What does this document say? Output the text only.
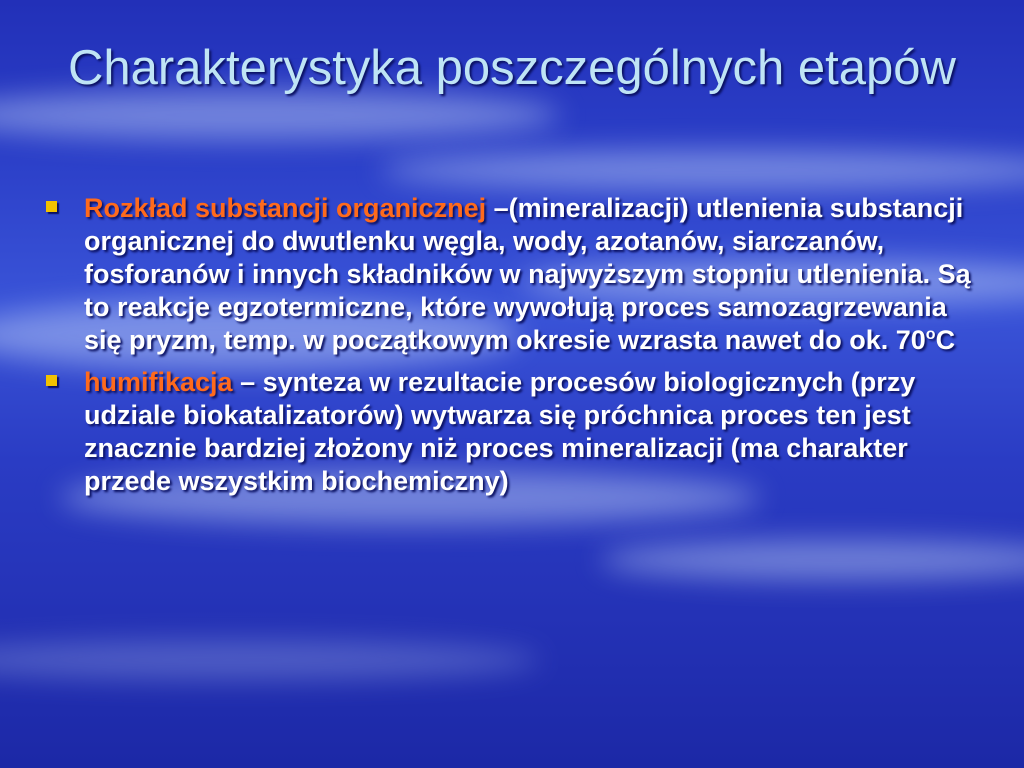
Charakterystyka poszczególnych etapów
Rozkład substancji organicznej –(mineralizacji) utlenienia substancji organicznej do dwutlenku węgla, wody, azotanów, siarczanów, fosforanów i innych składników w najwyższym stopniu utlenienia. Są to reakcje egzotermiczne, które wywołują proces samozagrzewania się pryzm, temp. w początkowym okresie wzrasta nawet do ok. 70$^o$C
humifikacja – synteza w rezultacie procesów biologicznych (przy udziale biokatalizatorów) wytwarza się próchnica proces ten jest znacznie bardziej złożony niż proces mineralizacji (ma charakter przede wszystkim biochemiczny)
